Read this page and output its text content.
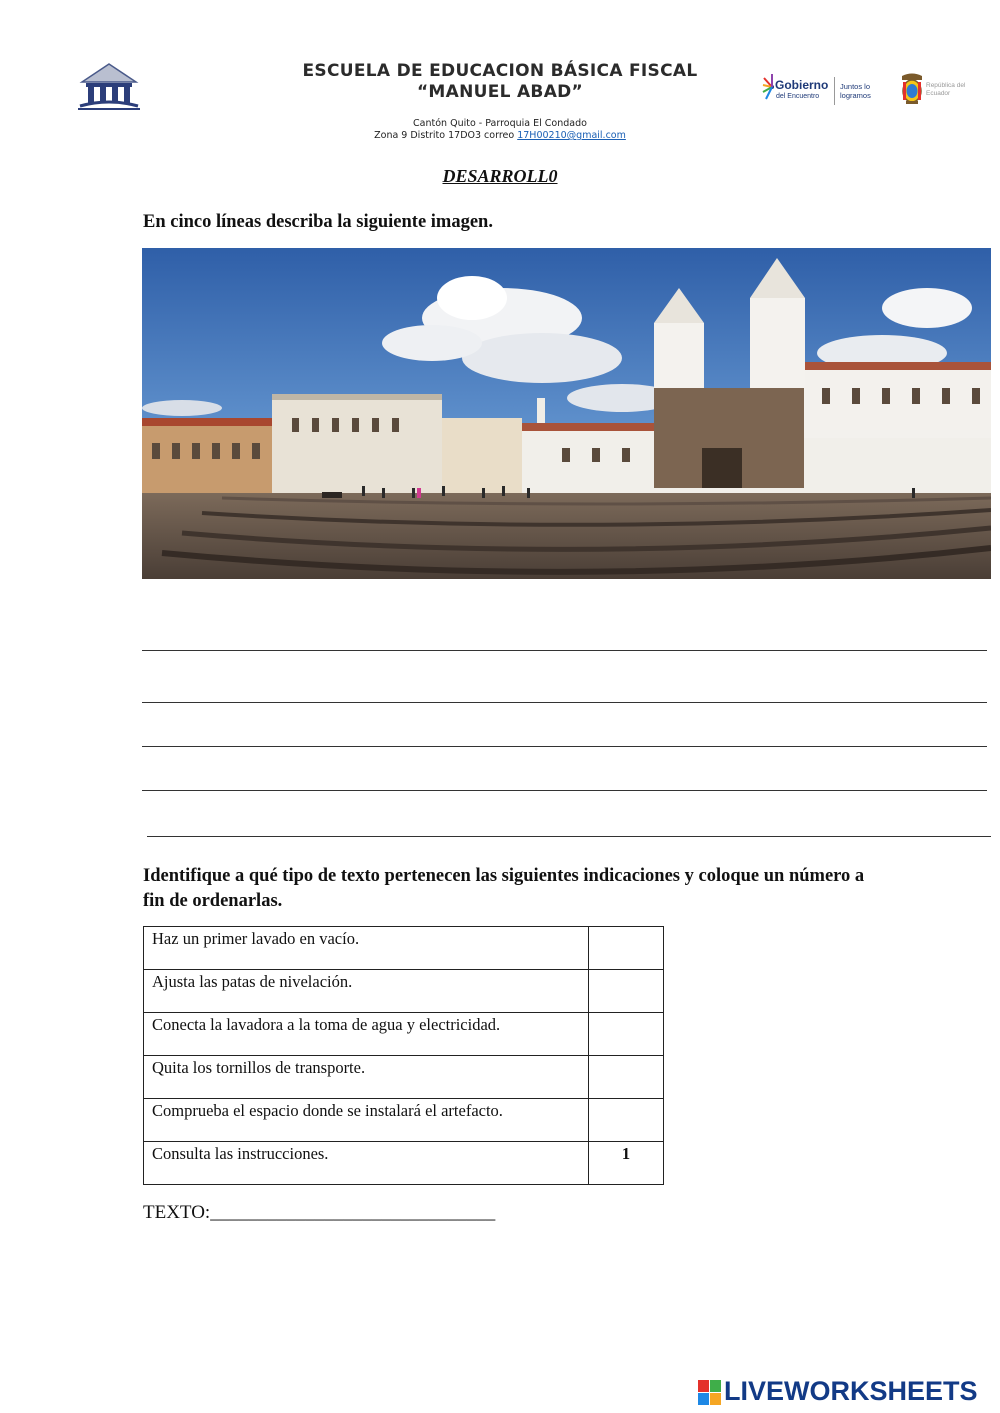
ESCUELA DE EDUCACION BÁSICA FISCAL
“MANUEL ABAD”
Cantón Quito - Parroquia El Condado
Zona 9 Distrito 17DO3 correo 17H00210@gmail.com
Gobierno
del Encuentro
Juntos lo logramos
República del Ecuador
DESARROLL0
En cinco líneas describa la siguiente imagen.
Identifique a qué tipo de texto pertenecen las siguientes indicaciones y coloque un número a fin de ordenarlas.
Haz un primer lavado en vacío.	
Ajusta las patas de nivelación.	
Conecta la lavadora a la toma de agua y electricidad.	
Quita los tornillos de transporte.	
Comprueba el espacio donde se instalará el artefacto.	
Consulta las instrucciones.	1
TEXTO:______________________________
LIVEWORKSHEETS
